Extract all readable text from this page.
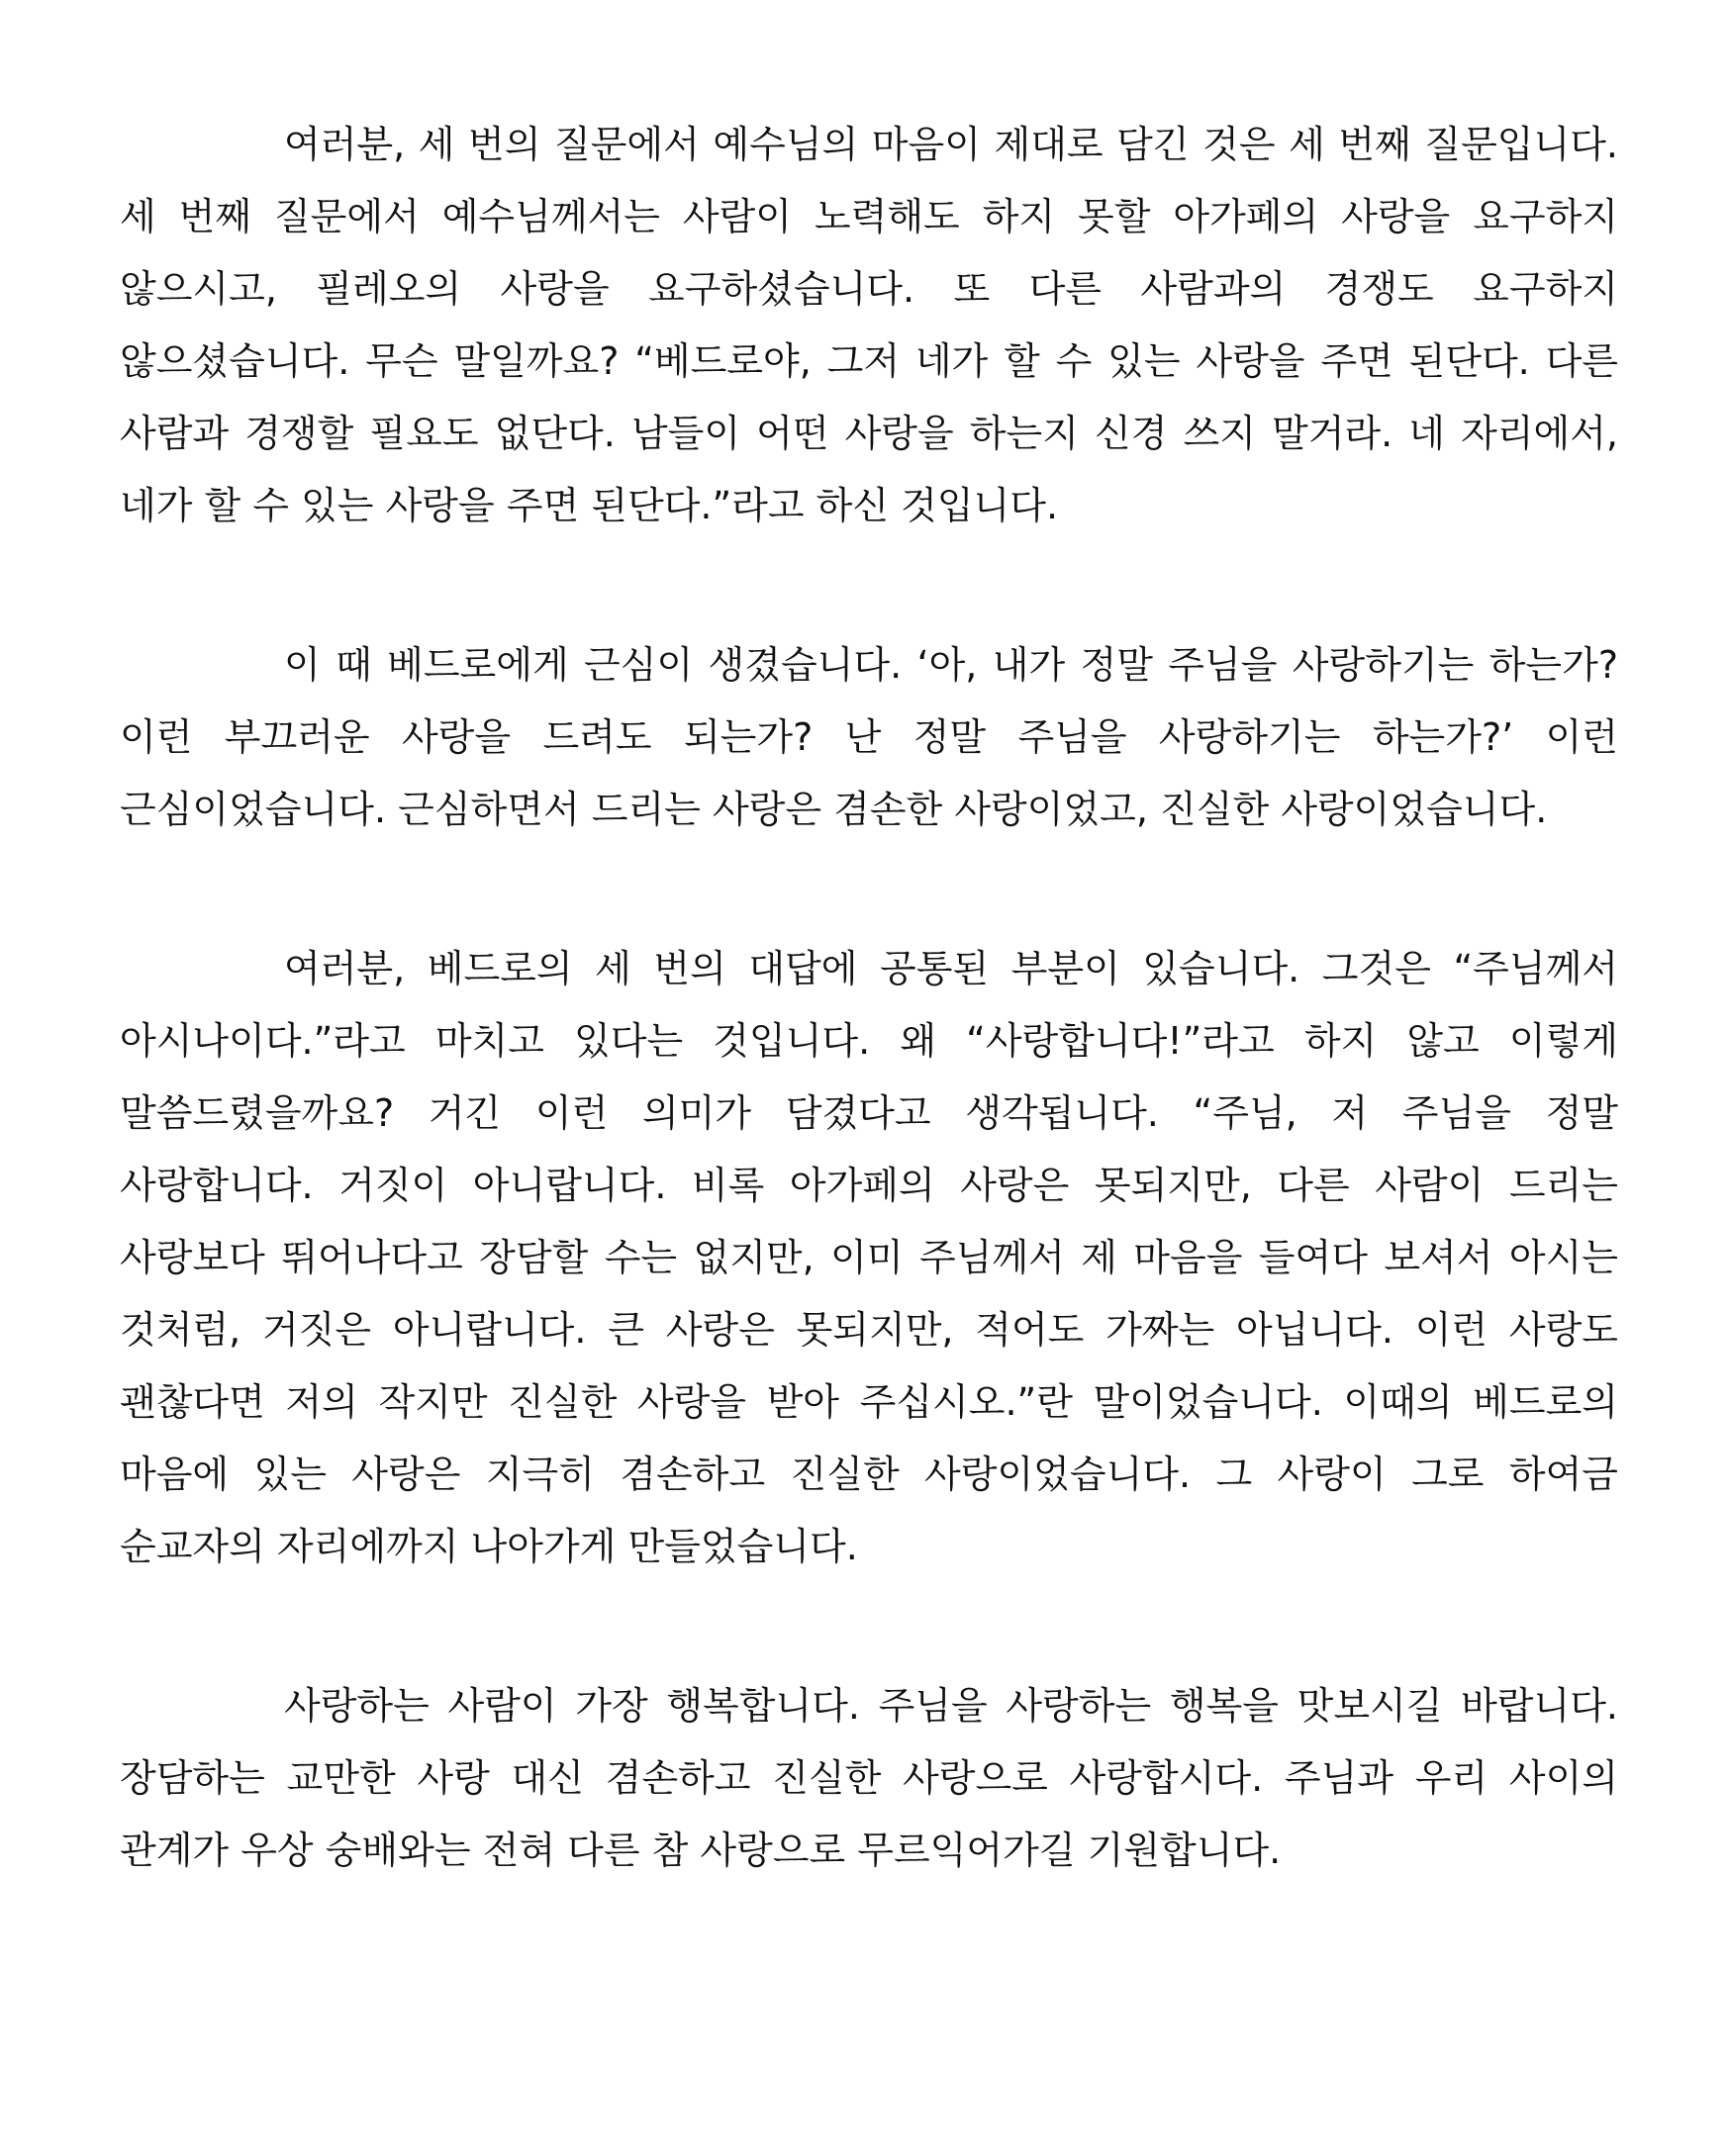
여러분, 세 번의 질문에서 예수님의 마음이 제대로 담긴 것은 세 번째 질문입니다. 세 번째 질문에서 예수님께서는 사람이 노력해도 하지 못할 아가페의 사랑을 요구하지 않으시고, 필레오의 사랑을 요구하셨습니다. 또 다른 사람과의 경쟁도 요구하지 않으셨습니다. 무슨 말일까요? “베드로야, 그저 네가 할 수 있는 사랑을 주면 된단다. 다른 사람과 경쟁할 필요도 없단다. 남들이 어떤 사랑을 하는지 신경 쓰지 말거라. 네 자리에서, 네가 할 수 있는 사랑을 주면 된단다.”라고 하신 것입니다.

이 때 베드로에게 근심이 생겼습니다. ‘아, 내가 정말 주님을 사랑하기는 하는가? 이런 부끄러운 사랑을 드려도 되는가? 난 정말 주님을 사랑하기는 하는가?’ 이런 근심이었습니다. 근심하면서 드리는 사랑은 겸손한 사랑이었고, 진실한 사랑이었습니다.

여러분, 베드로의 세 번의 대답에 공통된 부분이 있습니다. 그것은 “주님께서 아시나이다.”라고 마치고 있다는 것입니다. 왜 “사랑합니다!”라고 하지 않고 이렇게 말씀드렸을까요? 거긴 이런 의미가 담겼다고 생각됩니다. “주님, 저 주님을 정말 사랑합니다. 거짓이 아니랍니다. 비록 아가페의 사랑은 못되지만, 다른 사람이 드리는 사랑보다 뛰어나다고 장담할 수는 없지만, 이미 주님께서 제 마음을 들여다 보셔서 아시는 것처럼, 거짓은 아니랍니다. 큰 사랑은 못되지만, 적어도 가짜는 아닙니다. 이런 사랑도 괜찮다면 저의 작지만 진실한 사랑을 받아 주십시오.”란 말이었습니다. 이때의 베드로의 마음에 있는 사랑은 지극히 겸손하고 진실한 사랑이었습니다. 그 사랑이 그로 하여금 순교자의 자리에까지 나아가게 만들었습니다.

사랑하는 사람이 가장 행복합니다. 주님을 사랑하는 행복을 맛보시길 바랍니다. 장담하는 교만한 사랑 대신 겸손하고 진실한 사랑으로 사랑합시다. 주님과 우리 사이의 관계가 우상 숭배와는 전혀 다른 참 사랑으로 무르익어가길 기원합니다.
